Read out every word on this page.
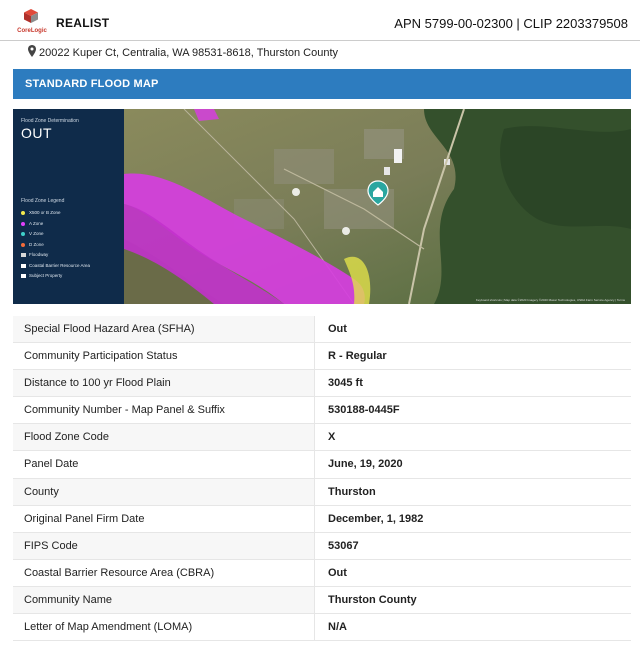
CoreLogic
REALIST	APN 5799-00-02300 | CLIP 2203379508
20022 Kuper Ct, Centralia, WA 98531-8618, Thurston County
STANDARD FLOOD MAP
Flood Zone Determination
OUT
Flood Zone Legend
X500 or B Zone
A Zone
V Zone
D Zone
Floodway
Coastal Barrier Resource Area
Subject Property
Keyboard shortcuts | Map data ©2020 Imagery ©2020 Maxar Technologies, USDA Farm Service Agency | Terms
Special Flood Hazard Area (SFHA)	Out
Community Participation Status	R - Regular
Distance to 100 yr Flood Plain	3045 ft
Community Number - Map Panel & Suffix	530188-0445F
Flood Zone Code	X
Panel Date	June, 19, 2020
County	Thurston
Original Panel Firm Date	December, 1, 1982
FIPS Code	53067
Coastal Barrier Resource Area (CBRA)	Out
Community Name	Thurston County
Letter of Map Amendment (LOMA)	N/A
